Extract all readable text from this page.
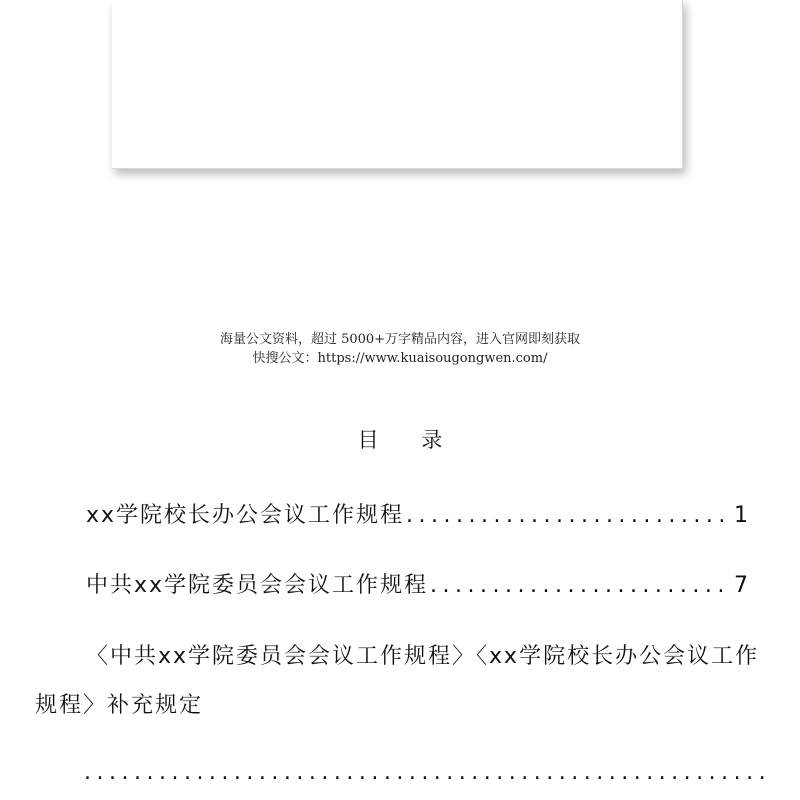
海量公文资料，超过 5000+万字精品内容，进入官网即刻获取
快搜公文：https://www.kuaisougongwen.com/
目 录
xx学院校长办公会议工作规程 .....	1
中共xx学院委员会会议工作规程 .....	7
〈中共xx学院委员会会议工作规程〉〈xx学院校长办公会议工作
规程〉补充规定
.....
